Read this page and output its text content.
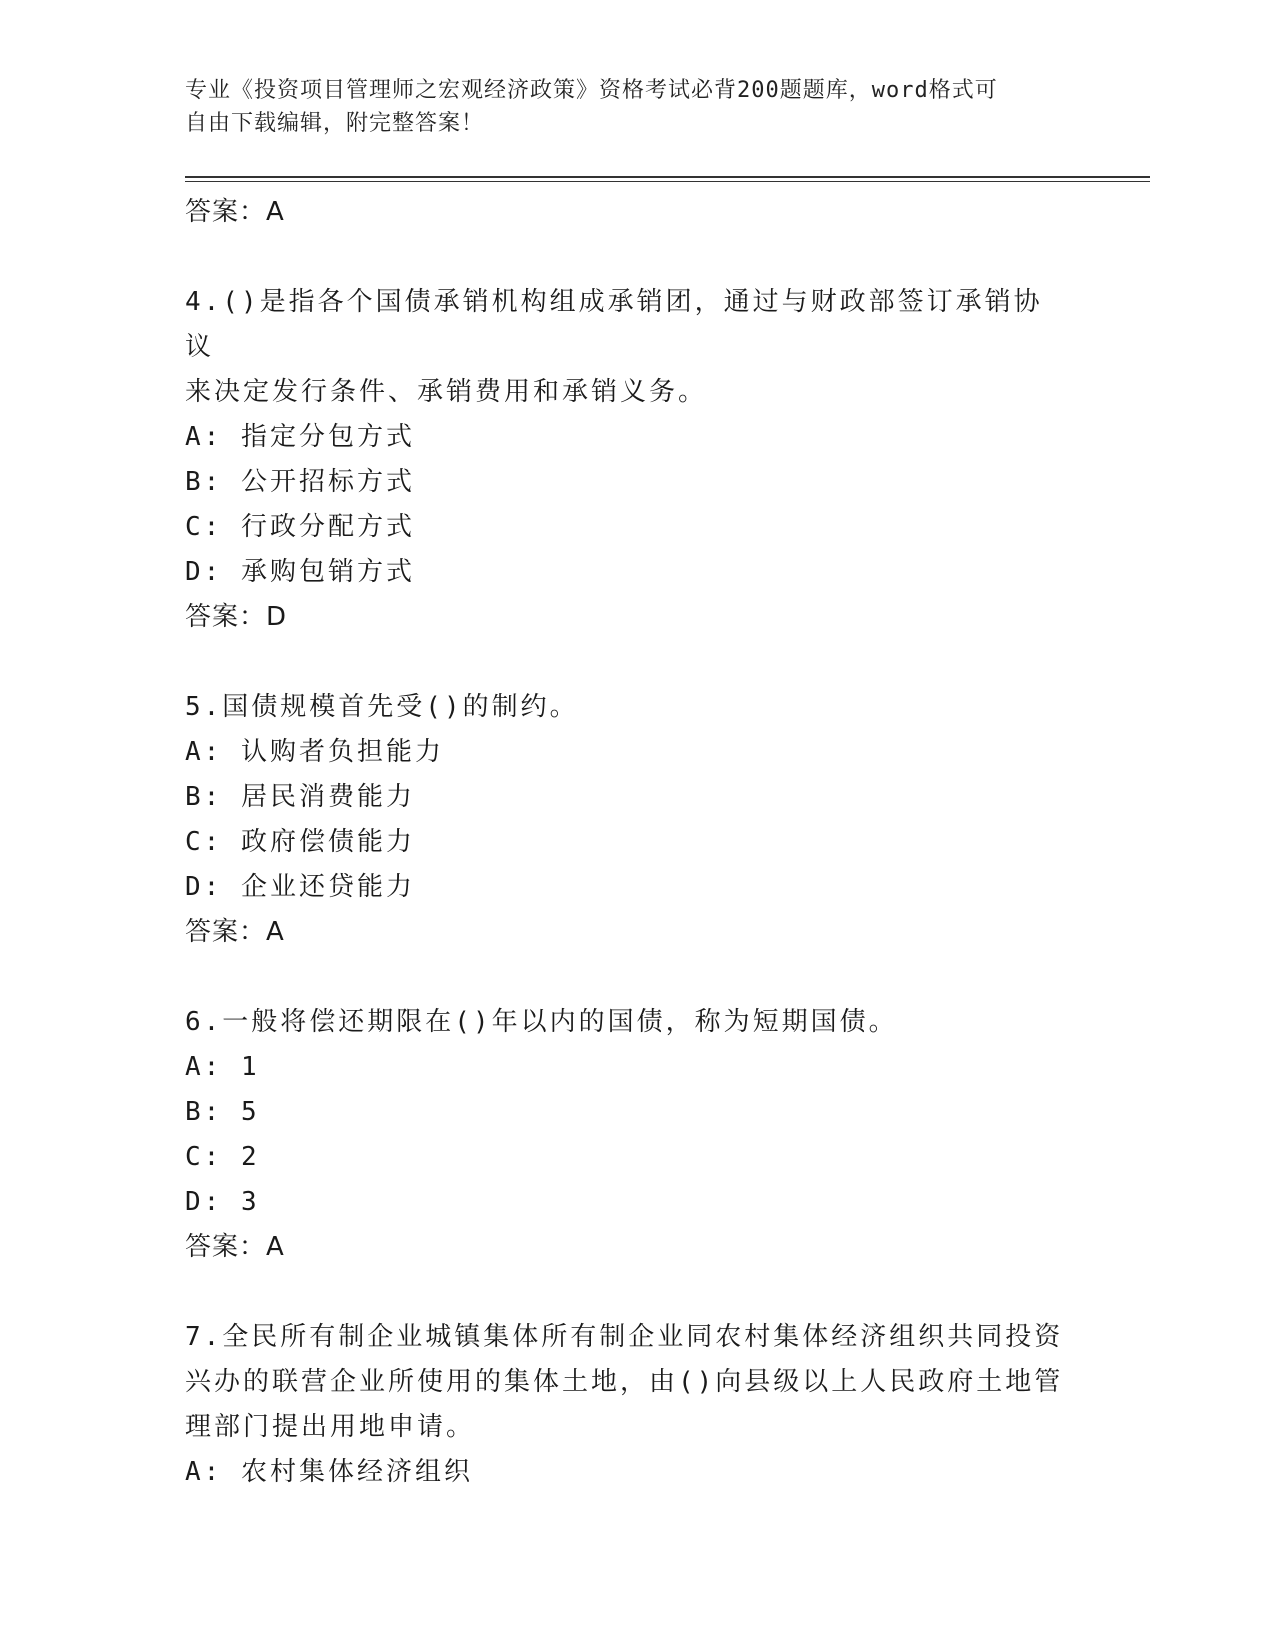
专业《投资项目管理师之宏观经济政策》资格考试必背200题题库，word格式可
自由下载编辑，附完整答案！
答案：A
4.()是指各个国债承销机构组成承销团，通过与财政部签订承销协议
来决定发行条件、承销费用和承销义务。
A: 指定分包方式
B: 公开招标方式
C: 行政分配方式
D: 承购包销方式
答案：D
5.国债规模首先受()的制约。
A: 认购者负担能力
B: 居民消费能力
C: 政府偿债能力
D: 企业还贷能力
答案：A
6.一般将偿还期限在()年以内的国债，称为短期国债。
A: 1
B: 5
C: 2
D: 3
答案：A
7.全民所有制企业城镇集体所有制企业同农村集体经济组织共同投资
兴办的联营企业所使用的集体土地，由()向县级以上人民政府土地管
理部门提出用地申请。
A: 农村集体经济组织
